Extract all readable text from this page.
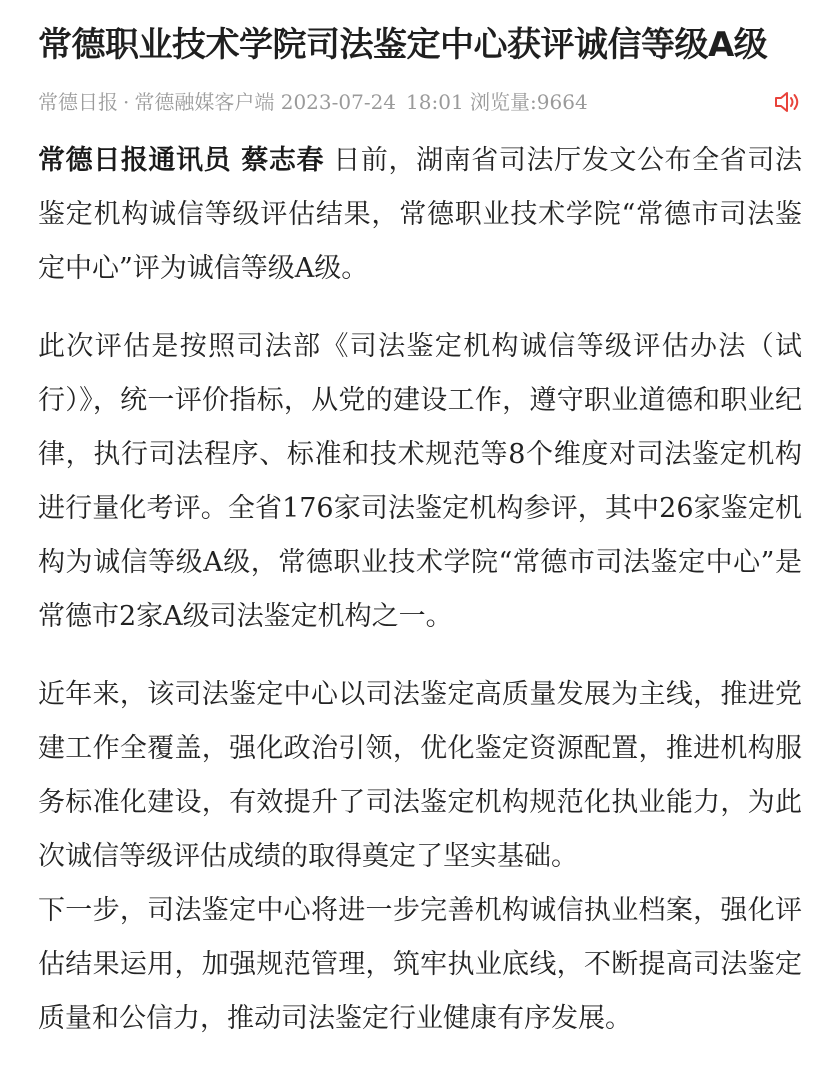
常德职业技术学院司法鉴定中心获评诚信等级A级
常德日报 · 常德融媒客户端 2023-07-24 18:01 浏览量:9664

常德日报通讯员 蔡志春 日前，湖南省司法厅发文公布全省司法鉴定机构诚信等级评估结果，常德职业技术学院“常德市司法鉴定中心”评为诚信等级A级。

此次评估是按照司法部《司法鉴定机构诚信等级评估办法（试行）》，统一评价指标，从党的建设工作，遵守职业道德和职业纪律，执行司法程序、标准和技术规范等8个维度对司法鉴定机构进行量化考评。全省176家司法鉴定机构参评，其中26家鉴定机构为诚信等级A级，常德职业技术学院“常德市司法鉴定中心”是常德市2家A级司法鉴定机构之一。

近年来，该司法鉴定中心以司法鉴定高质量发展为主线，推进党建工作全覆盖，强化政治引领，优化鉴定资源配置，推进机构服务标准化建设，有效提升了司法鉴定机构规范化执业能力，为此次诚信等级评估成绩的取得奠定了坚实基础。

下一步，司法鉴定中心将进一步完善机构诚信执业档案，强化评估结果运用，加强规范管理，筑牢执业底线，不断提高司法鉴定质量和公信力，推动司法鉴定行业健康有序发展。
